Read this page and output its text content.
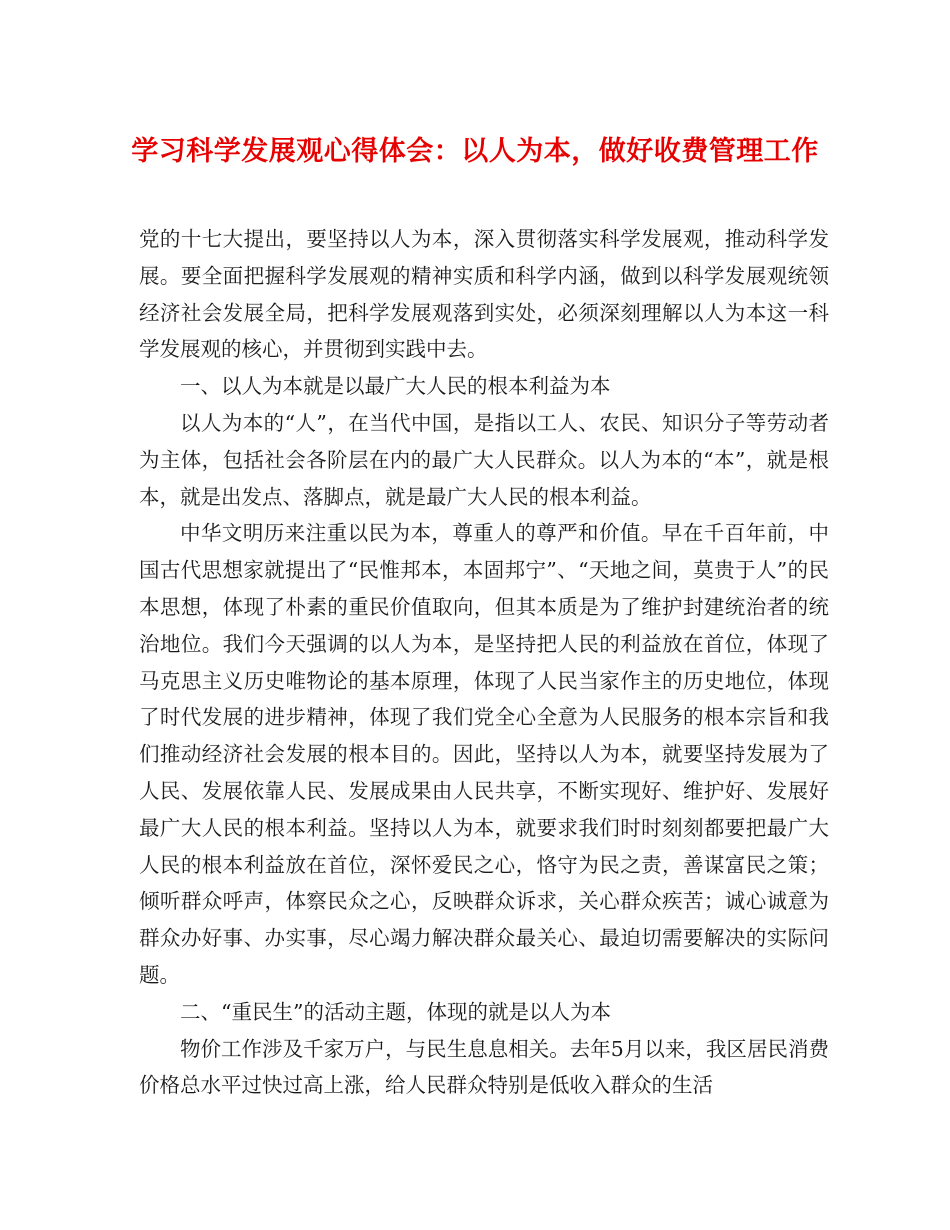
学习科学发展观心得体会：以人为本，做好收费管理工作

党的十七大提出，要坚持以人为本，深入贯彻落实科学发展观，推动科学发展。要全面把握科学发展观的精神实质和科学内涵，做到以科学发展观统领经济社会发展全局，把科学发展观落到实处，必须深刻理解以人为本这一科学发展观的核心，并贯彻到实践中去。

一、以人为本就是以最广大人民的根本利益为本

以人为本的“人”，在当代中国，是指以工人、农民、知识分子等劳动者为主体，包括社会各阶层在内的最广大人民群众。以人为本的“本”，就是根本，就是出发点、落脚点，就是最广大人民的根本利益。

中华文明历来注重以民为本，尊重人的尊严和价值。早在千百年前，中国古代思想家就提出了“民惟邦本，本固邦宁”、“天地之间，莫贵于人”的民本思想，体现了朴素的重民价值取向，但其本质是为了维护封建统治者的统治地位。我们今天强调的以人为本，是坚持把人民的利益放在首位，体现了马克思主义历史唯物论的基本原理，体现了人民当家作主的历史地位，体现了时代发展的进步精神，体现了我们党全心全意为人民服务的根本宗旨和我们推动经济社会发展的根本目的。因此，坚持以人为本，就要坚持发展为了人民、发展依靠人民、发展成果由人民共享，不断实现好、维护好、发展好最广大人民的根本利益。坚持以人为本，就要求我们时时刻刻都要把最广大人民的根本利益放在首位，深怀爱民之心，恪守为民之责，善谋富民之策；倾听群众呼声，体察民众之心，反映群众诉求，关心群众疾苦；诚心诚意为群众办好事、办实事，尽心竭力解决群众最关心、最迫切需要解决的实际问题。

二、“重民生”的活动主题，体现的就是以人为本

物价工作涉及千家万户，与民生息息相关。去年5月以来，我区居民消费价格总水平过快过高上涨，给人民群众特别是低收入群众的生活
